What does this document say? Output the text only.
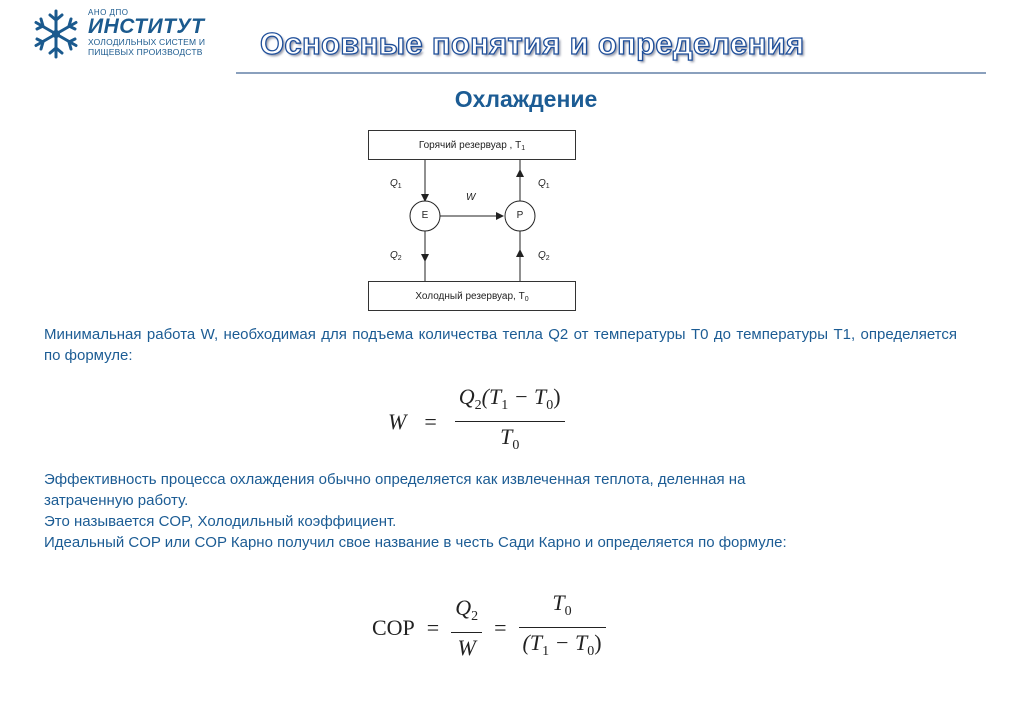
АНО ДПО
ИНСТИТУТ
ХОЛОДИЛЬНЫХ СИСТЕМ И
ПИЩЕВЫХ ПРОИЗВОДСТВ Основные понятия и определения
Охлаждение
Горячий резервуар , $T_1$
Холодный резервуар, $T_0$
E	P
W
$Q_1$	$Q_1$
$Q_2$	$Q_2$
Минимальная работа W, необходимая для подъема количества тепла Q2 от температуры T0 до температуры T1, определяется по формуле:
$W = \frac{Q_2(T_1 - T_0)}{T_0}$
Эффективность процесса охлаждения обычно определяется как извлеченная теплота, деленная на
затраченную работу.
Это называется COP, Холодильный коэффициент.
Идеальный COP или COP Карно получил свое название в честь Сади Карно и определяется по формуле:
COP = $\frac{Q_2}{W} = \frac{T_0}{(T_1 - T_0)}$
